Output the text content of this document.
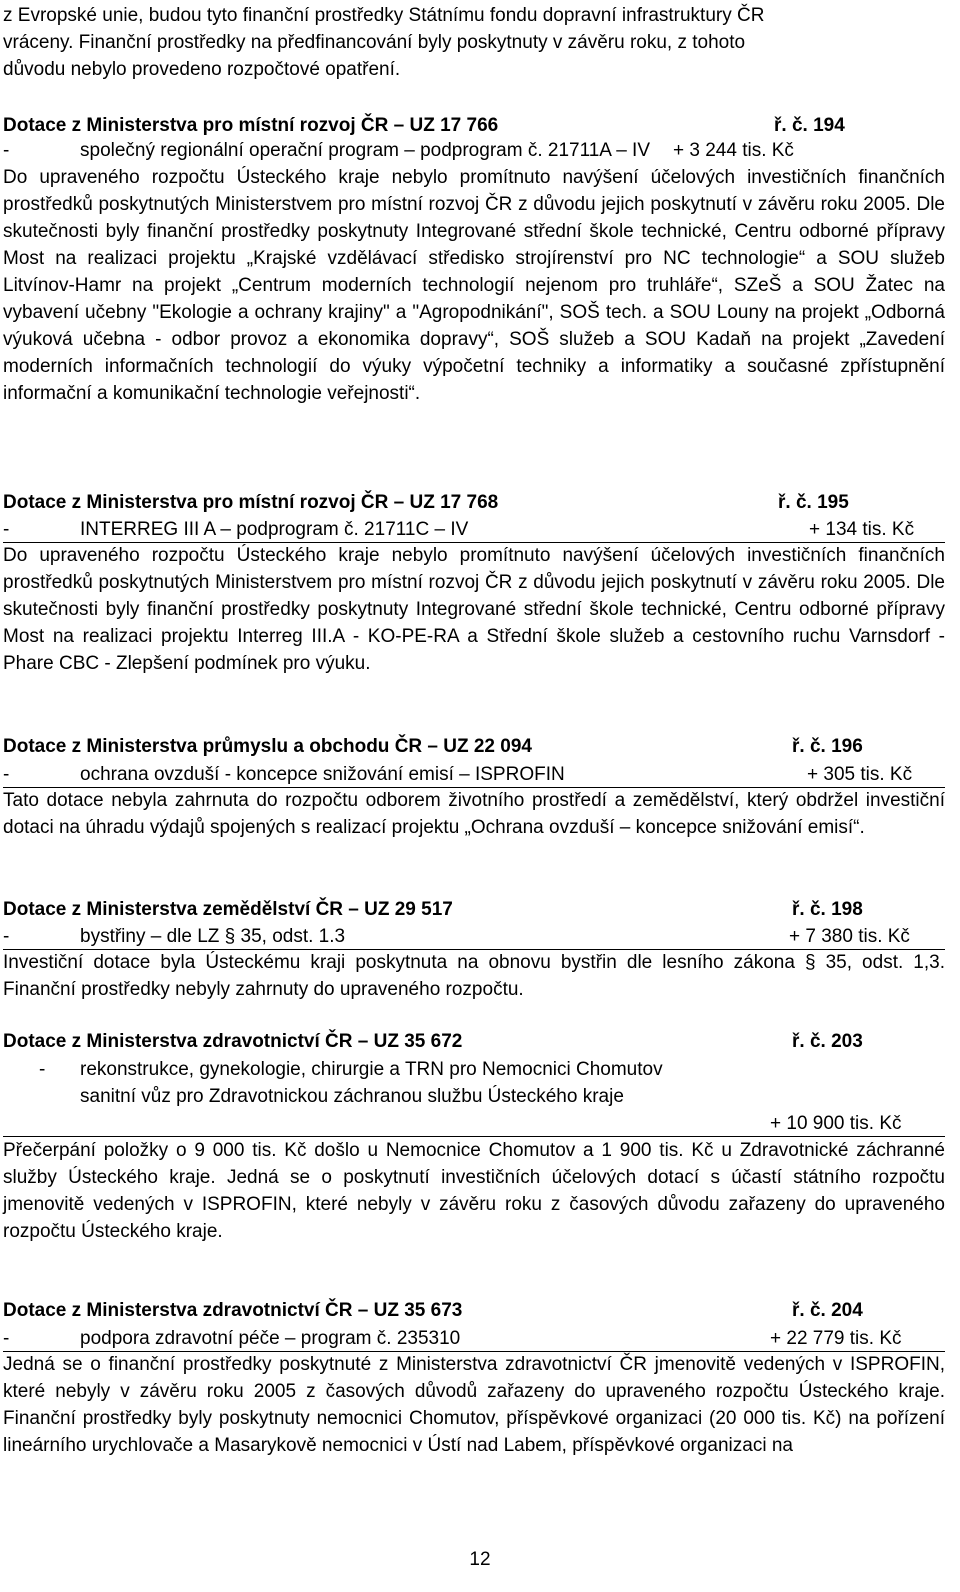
z Evropské unie, budou tyto finanční prostředky Státnímu fondu dopravní infrastruktury ČR
vráceny. Finanční prostředky na předfinancování byly poskytnuty v závěru roku, z tohoto
důvodu nebylo provedeno rozpočtové opatření.
Dotace z Ministerstva pro místní rozvoj ČR – UZ 17 766	ř. č. 194
-	společný regionální operační program – podprogram č. 21711A – IV + 3 244 tis. Kč
Do upraveného rozpočtu Ústeckého kraje nebylo promítnuto navýšení účelových investičních finančních prostředků poskytnutých Ministerstvem pro místní rozvoj ČR z důvodu jejich poskytnutí v závěru roku 2005. Dle skutečnosti byly finanční prostředky poskytnuty Integrované střední škole technické, Centru odborné přípravy Most na realizaci projektu „Krajské vzdělávací středisko strojírenství pro NC technologie“ a SOU služeb Litvínov-Hamr na projekt „Centrum moderních technologií nejenom pro truhláře“, SZeŠ a SOU Žatec na vybavení učebny "Ekologie a ochrany krajiny" a "Agropodnikání", SOŠ tech. a SOU Louny na projekt „Odborná výuková učebna - odbor provoz a ekonomika dopravy“, SOŠ služeb a SOU Kadaň na projekt „Zavedení moderních informačních technologií do výuky výpočetní techniky a informatiky a současné zpřístupnění informační a komunikační technologie veřejnosti“.
Dotace z Ministerstva pro místní rozvoj ČR – UZ 17 768	ř. č. 195
-	INTERREG III A – podprogram č. 21711C – IV	+ 134 tis. Kč
Do upraveného rozpočtu Ústeckého kraje nebylo promítnuto navýšení účelových investičních finančních prostředků poskytnutých Ministerstvem pro místní rozvoj ČR z důvodu jejich poskytnutí v závěru roku 2005. Dle skutečnosti byly finanční prostředky poskytnuty Integrované střední škole technické, Centru odborné přípravy Most na realizaci projektu Interreg III.A - KO-PE-RA a Střední škole služeb a cestovního ruchu Varnsdorf - Phare CBC - Zlepšení podmínek pro výuku.
Dotace z Ministerstva průmyslu a obchodu ČR – UZ 22 094	ř. č. 196
-	ochrana ovzduší - koncepce snižování emisí – ISPROFIN	+ 305 tis. Kč
Tato dotace nebyla zahrnuta do rozpočtu odborem životního prostředí a zemědělství, který obdržel investiční dotaci na úhradu výdajů spojených s realizací projektu „Ochrana ovzduší – koncepce snižování emisí“.
Dotace z Ministerstva zemědělství ČR – UZ 29 517	ř. č. 198
-	bystřiny – dle LZ § 35, odst. 1.3	+ 7 380 tis. Kč
Investiční dotace byla Ústeckému kraji poskytnuta na obnovu bystřin dle lesního zákona § 35, odst. 1,3. Finanční prostředky nebyly zahrnuty do upraveného rozpočtu.
Dotace z Ministerstva zdravotnictví ČR – UZ 35 672	ř. č. 203
- rekonstrukce, gynekologie, chirurgie a TRN pro Nemocnici Chomutov
sanitní vůz pro Zdravotnickou záchranou službu Ústeckého kraje
+ 10 900 tis. Kč
Přečerpání položky o 9 000 tis. Kč došlo u Nemocnice Chomutov a 1 900 tis. Kč u Zdravotnické záchranné služby Ústeckého kraje. Jedná se o poskytnutí investičních účelových dotací s účastí státního rozpočtu jmenovitě vedených v ISPROFIN, které nebyly v závěru roku z časových důvodu zařazeny do upraveného rozpočtu Ústeckého kraje.
Dotace z Ministerstva zdravotnictví ČR – UZ 35 673	ř. č. 204
-	podpora zdravotní péče – program č. 235310	+ 22 779 tis. Kč
Jedná se o finanční prostředky poskytnuté z Ministerstva zdravotnictví ČR jmenovitě vedených v ISPROFIN, které nebyly v závěru roku 2005 z časových důvodů zařazeny do upraveného rozpočtu Ústeckého kraje. Finanční prostředky byly poskytnuty nemocnici Chomutov, příspěvkové organizaci (20 000 tis. Kč) na pořízení lineárního urychlovače a Masarykově nemocnici v Ústí nad Labem, příspěvkové organizaci na
12
